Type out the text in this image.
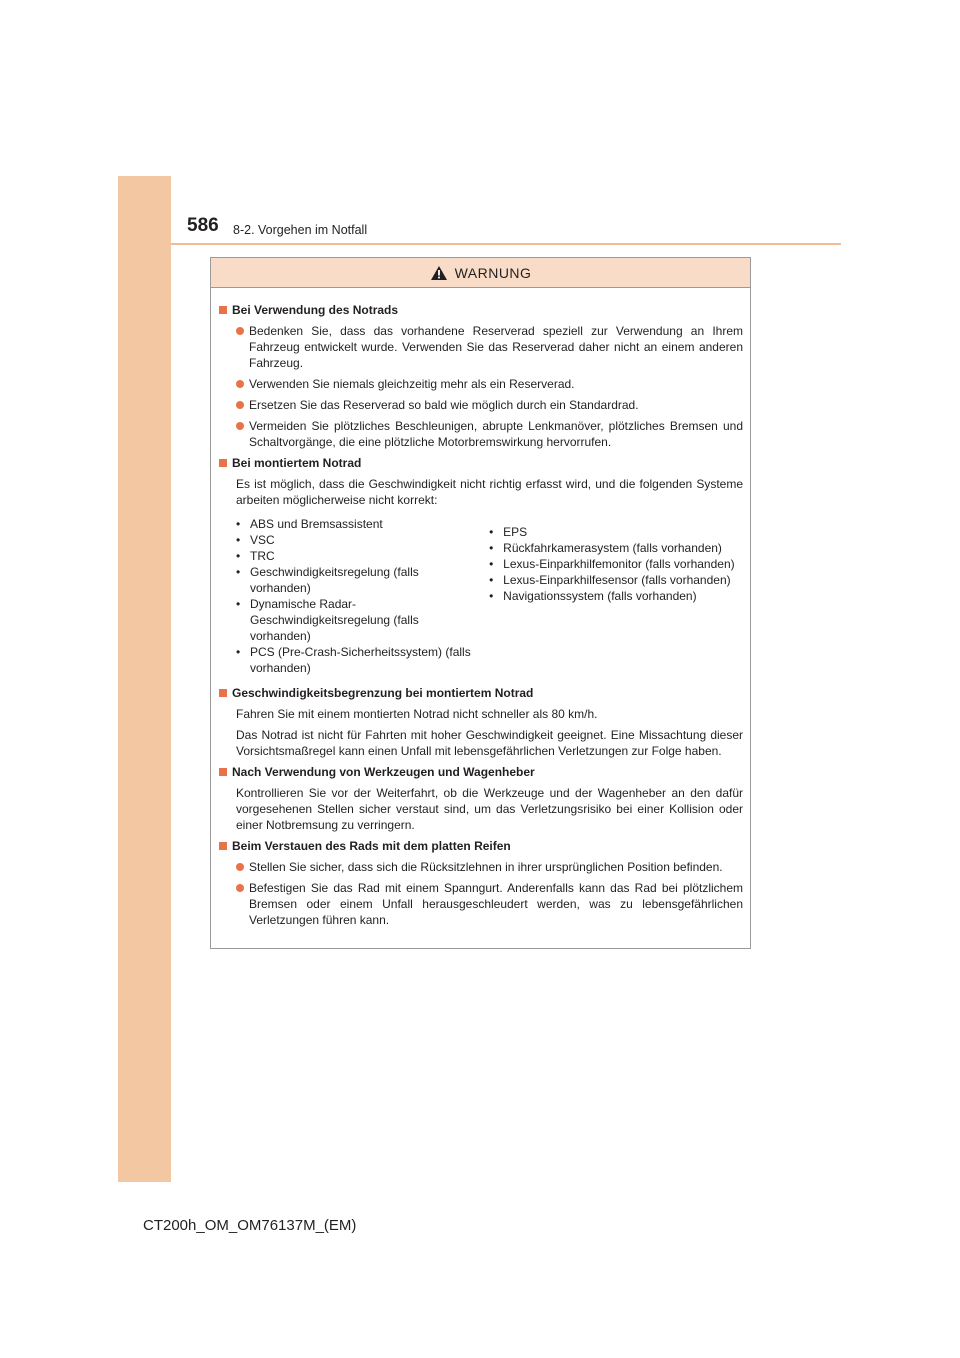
586 8-2. Vorgehen im Notfall
WARNUNG
Bei Verwendung des Notrads
Bedenken Sie, dass das vorhandene Reserverad speziell zur Verwendung an Ihrem Fahrzeug entwickelt wurde. Verwenden Sie das Reserverad daher nicht an einem anderen Fahrzeug.
Verwenden Sie niemals gleichzeitig mehr als ein Reserverad.
Ersetzen Sie das Reserverad so bald wie möglich durch ein Standardrad.
Vermeiden Sie plötzliches Beschleunigen, abrupte Lenkmanöver, plötzliches Bremsen und Schaltvorgänge, die eine plötzliche Motorbremswirkung hervorrufen.
Bei montiertem Notrad
Es ist möglich, dass die Geschwindigkeit nicht richtig erfasst wird, und die folgenden Systeme arbeiten möglicherweise nicht korrekt:
• ABS und Bremsassistent
• VSC
• TRC
• Geschwindigkeitsregelung (falls vorhanden)
• Dynamische Radar-Geschwindigkeitsregelung (falls vorhanden)
• PCS (Pre-Crash-Sicherheitssystem) (falls vorhanden)
• EPS
• Rückfahrkamerasystem (falls vorhanden)
• Lexus-Einparkhilfemonitor (falls vorhanden)
• Lexus-Einparkhilfesensor (falls vorhanden)
• Navigationssystem (falls vorhanden)
Geschwindigkeitsbegrenzung bei montiertem Notrad
Fahren Sie mit einem montierten Notrad nicht schneller als 80 km/h.
Das Notrad ist nicht für Fahrten mit hoher Geschwindigkeit geeignet. Eine Missachtung dieser Vorsichtsmaßregel kann einen Unfall mit lebensgefährlichen Verletzungen zur Folge haben.
Nach Verwendung von Werkzeugen und Wagenheber
Kontrollieren Sie vor der Weiterfahrt, ob die Werkzeuge und der Wagenheber an den dafür vorgesehenen Stellen sicher verstaut sind, um das Verletzungsrisiko bei einer Kollision oder einer Notbremsung zu verringern.
Beim Verstauen des Rads mit dem platten Reifen
Stellen Sie sicher, dass sich die Rücksitzlehnen in ihrer ursprünglichen Position befinden.
Befestigen Sie das Rad mit einem Spanngurt. Anderenfalls kann das Rad bei plötzlichem Bremsen oder einem Unfall herausgeschleudert werden, was zu lebensgefährlichen Verletzungen führen kann.
CT200h_OM_OM76137M_(EM)
